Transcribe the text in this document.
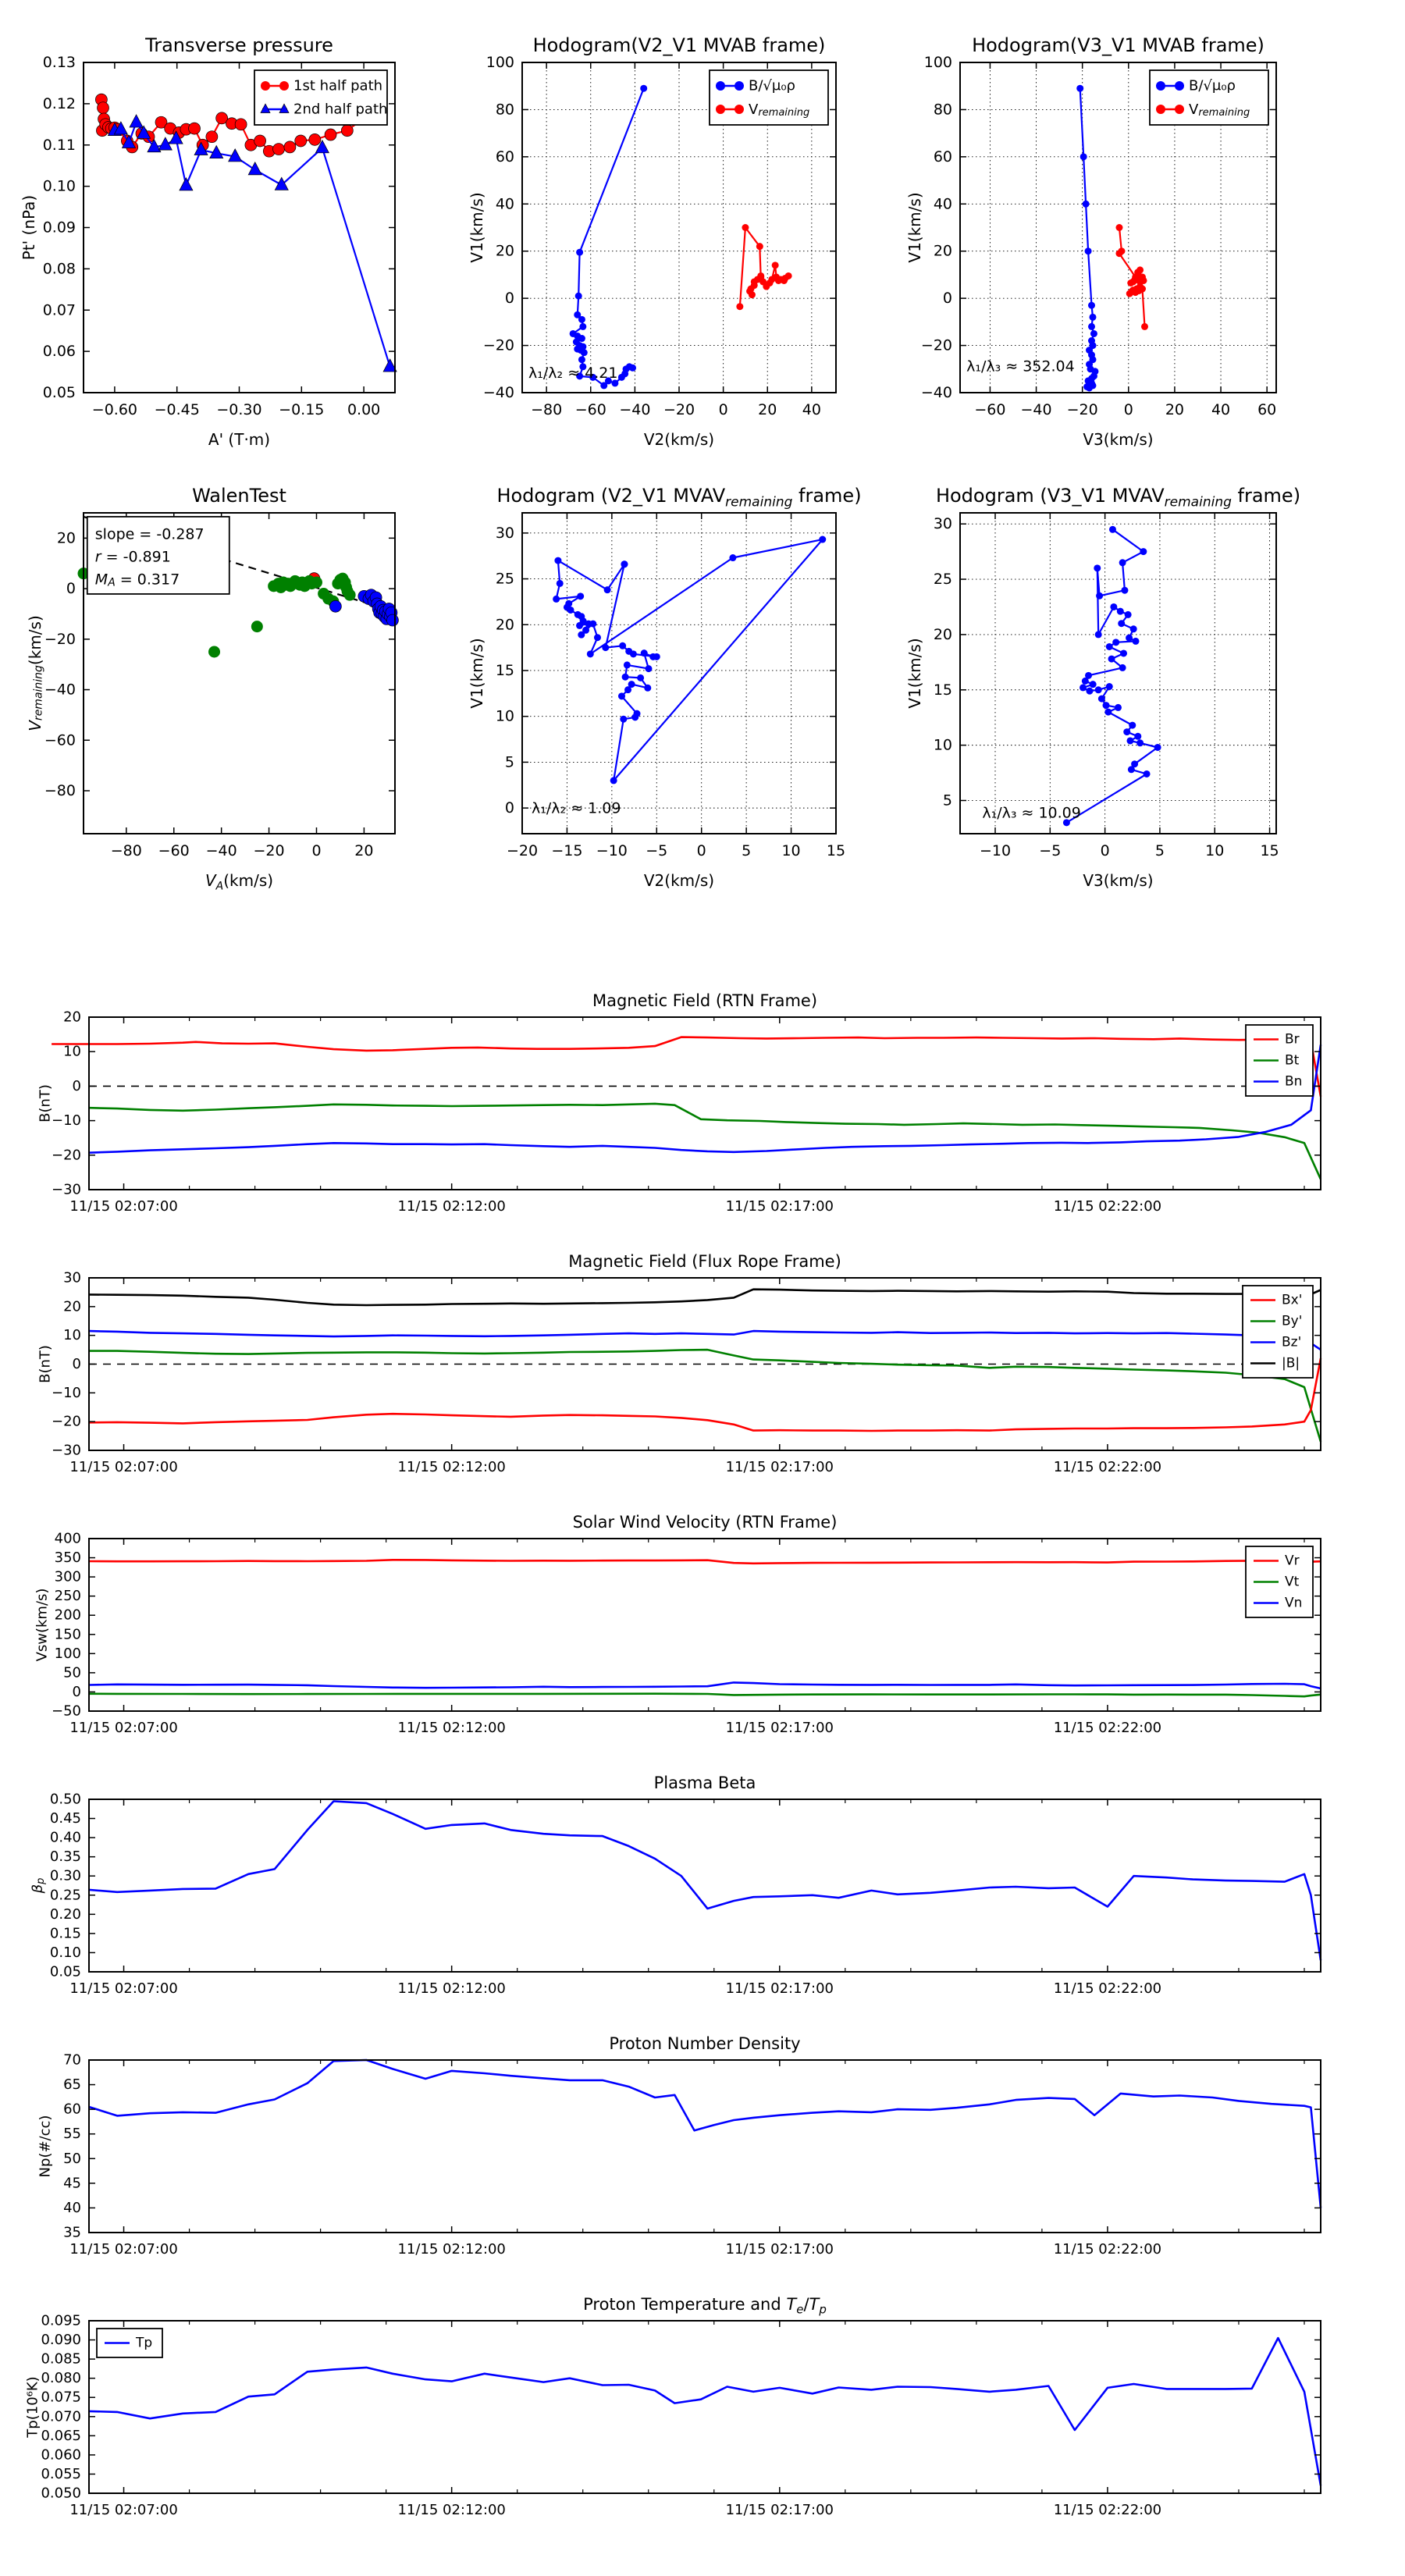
−0.60 −0.45 −0.30 −0.15 0.00
0.05
0.06
0.07
0.08
0.09
0.10
0.11
0.12
0.13
Transverse pressure
A' (T·m)
Pt' (nPa)
1st half path
2nd half path
−80 −60 −40 −20 0 20 40
−40
−20
0
20
40
60
80
100
Hodogram(V2_V1 MVAB frame)
V2(km/s)
V1(km/s)
B/√μ₀ρ
$V_{remaining}$
λ₁/λ₂ ≈ 4.21
−60 −40 −20 0 20 40 60
−40
−20
0
20
40
60
80
100
Hodogram(V3_V1 MVAB frame)
V3(km/s)
V1(km/s)
B/√μ₀ρ
$V_{remaining}$
λ₁/λ₃ ≈ 352.04
−80 −60 −40 −20 0 20
20
0
−20
−40
−60
−80
WalenTest
$V_A(km/s)$
$V_{remaining}(km/s)$
slope = -0.287
r = -0.891
$M_A = 0.317$
−20 −15 −10 −5 0 5 10 15
0
5
10
15
20
25
30
Hodogram (V2_V1 $MVAV_{remaining}$ frame)
V2(km/s)
V1(km/s)
λ₁/λ₂ ≈ 1.09
−10 −5	0	5	10 15
5
10
15
20
25
30
Hodogram (V3_V1 $MVAV_{remaining}$ frame)
V3(km/s)
V1(km/s)
λ₁/λ₃ ≈ 10.09
11/15 02:07:00	11/15 02:12:00	11/15 02:17:00	11/15 02:22:00
20
10
0
−10
−20
−30
Magnetic Field (RTN Frame)
B(nT)
Br
Bt
Bn
11/15 02:07:00	11/15 02:12:00	11/15 02:17:00	11/15 02:22:00
30
20
10
0
−10
−20
−30
Magnetic Field (Flux Rope Frame)
B(nT)
Bx'
By'
Bz'
|B|
11/15 02:07:00	11/15 02:12:00	11/15 02:17:00	11/15 02:22:00
400
350
300
250
200
150
100
50
0
−50
Solar Wind Velocity (RTN Frame)
Vsw(km/s)
Vr
Vt
Vn
11/15 02:07:00	11/15 02:12:00	11/15 02:17:00	11/15 02:22:00
0.50
0.45
0.40
0.35
0.30
0.25
0.20
0.15
0.10
0.05
Plasma Beta
$\beta_p$
11/15 02:07:00	11/15 02:12:00	11/15 02:17:00	11/15 02:22:00
70
65
60
55
50
45
40
35
Proton Number Density
Np(#/cc)
11/15 02:07:00	11/15 02:12:00	11/15 02:17:00	11/15 02:22:00
0.095
0.090
0.085
0.080
0.075
0.070
0.065
0.060
0.055
0.050
Proton Temperature and $T_e/T_p$
Tp(10⁶K)
Tp
